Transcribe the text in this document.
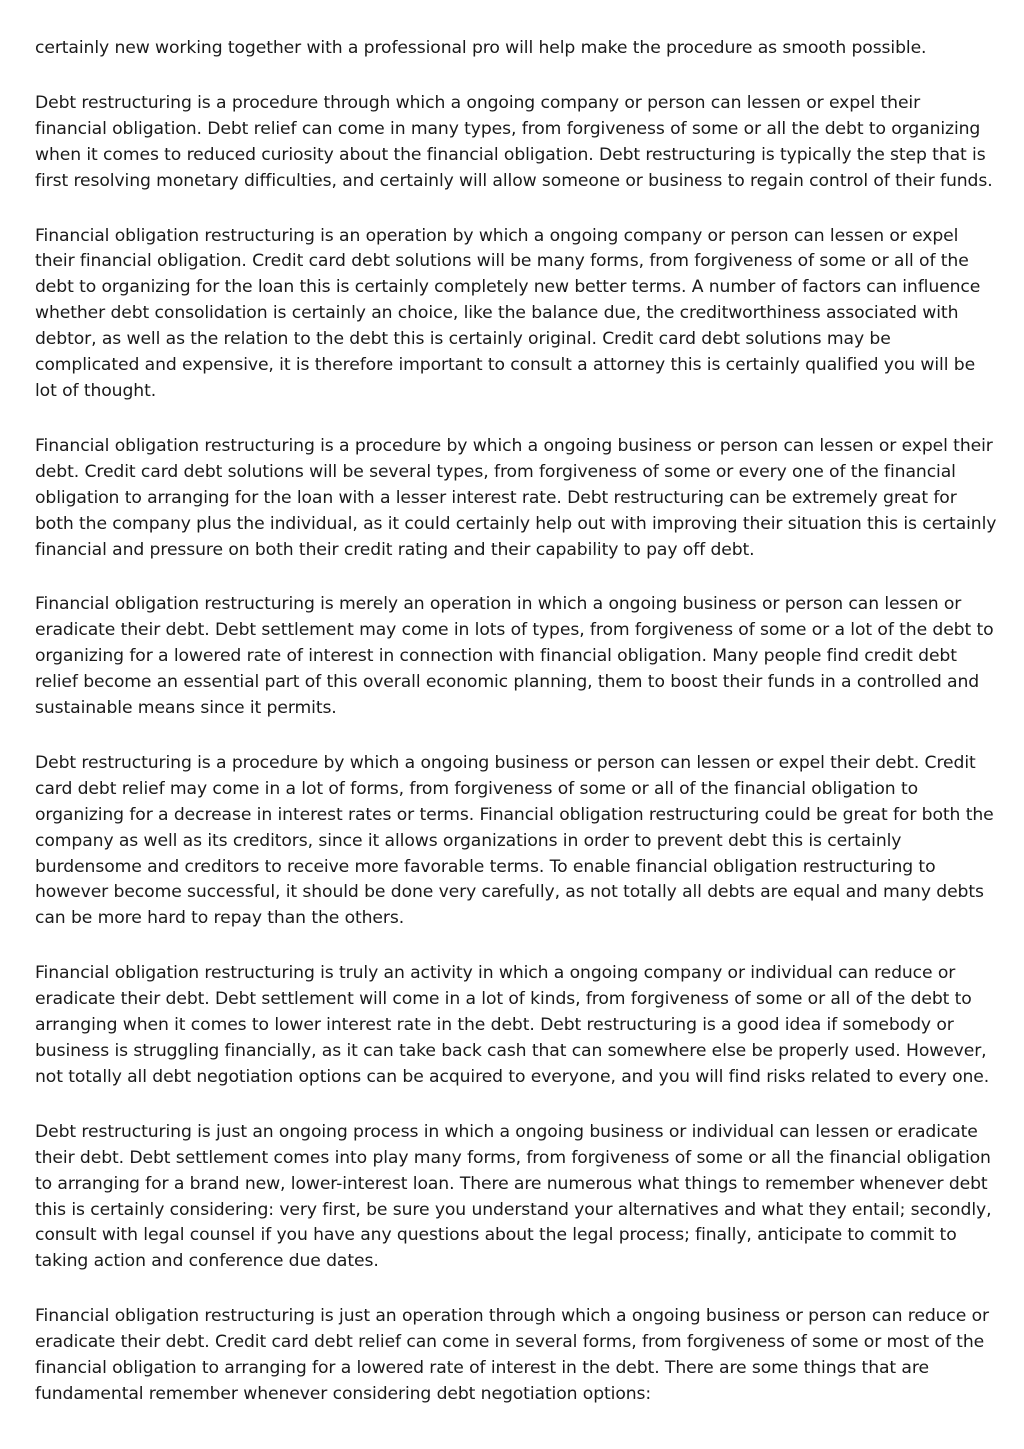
certainly new working together with a professional pro will help make the procedure as smooth possible.

Debt restructuring is a procedure through which a ongoing company or person can lessen or expel their financial obligation. Debt relief can come in many types, from forgiveness of some or all the debt to organizing when it comes to reduced curiosity about the financial obligation. Debt restructuring is typically the step that is first resolving monetary difficulties, and certainly will allow someone or business to regain control of their funds.

Financial obligation restructuring is an operation by which a ongoing company or person can lessen or expel their financial obligation. Credit card debt solutions will be many forms, from forgiveness of some or all of the debt to organizing for the loan this is certainly completely new better terms. A number of factors can influence whether debt consolidation is certainly an choice, like the balance due, the creditworthiness associated with debtor, as well as the relation to the debt this is certainly original. Credit card debt solutions may be complicated and expensive, it is therefore important to consult a attorney this is certainly qualified you will be lot of thought.

Financial obligation restructuring is a procedure by which a ongoing business or person can lessen or expel their debt. Credit card debt solutions will be several types, from forgiveness of some or every one of the financial obligation to arranging for the loan with a lesser interest rate. Debt restructuring can be extremely great for both the company plus the individual, as it could certainly help out with improving their situation this is certainly financial and pressure on both their credit rating and their capability to pay off debt.

Financial obligation restructuring is merely an operation in which a ongoing business or person can lessen or eradicate their debt. Debt settlement may come in lots of types, from forgiveness of some or a lot of the debt to organizing for a lowered rate of interest in connection with financial obligation. Many people find credit debt relief become an essential part of this overall economic planning, them to boost their funds in a controlled and sustainable means since it permits.

Debt restructuring is a procedure by which a ongoing business or person can lessen or expel their debt. Credit card debt relief may come in a lot of forms, from forgiveness of some or all of the financial obligation to organizing for a decrease in interest rates or terms. Financial obligation restructuring could be great for both the company as well as its creditors, since it allows organizations in order to prevent debt this is certainly burdensome and creditors to receive more favorable terms. To enable financial obligation restructuring to however become successful, it should be done very carefully, as not totally all debts are equal and many debts can be more hard to repay than the others.

Financial obligation restructuring is truly an activity in which a ongoing company or individual can reduce or eradicate their debt. Debt settlement will come in a lot of kinds, from forgiveness of some or all of the debt to arranging when it comes to lower interest rate in the debt. Debt restructuring is a good idea if somebody or business is struggling financially, as it can take back cash that can somewhere else be properly used. However, not totally all debt negotiation options can be acquired to everyone, and you will find risks related to every one.

Debt restructuring is just an ongoing process in which a ongoing business or individual can lessen or eradicate their debt. Debt settlement comes into play many forms, from forgiveness of some or all the financial obligation to arranging for a brand new, lower-interest loan. There are numerous what things to remember whenever debt this is certainly considering: very first, be sure you understand your alternatives and what they entail; secondly, consult with legal counsel if you have any questions about the legal process; finally, anticipate to commit to taking action and conference due dates.

Financial obligation restructuring is just an operation through which a ongoing business or person can reduce or eradicate their debt. Credit card debt relief can come in several forms, from forgiveness of some or most of the financial obligation to arranging for a lowered rate of interest in the debt. There are some things that are fundamental remember whenever considering debt negotiation options:
